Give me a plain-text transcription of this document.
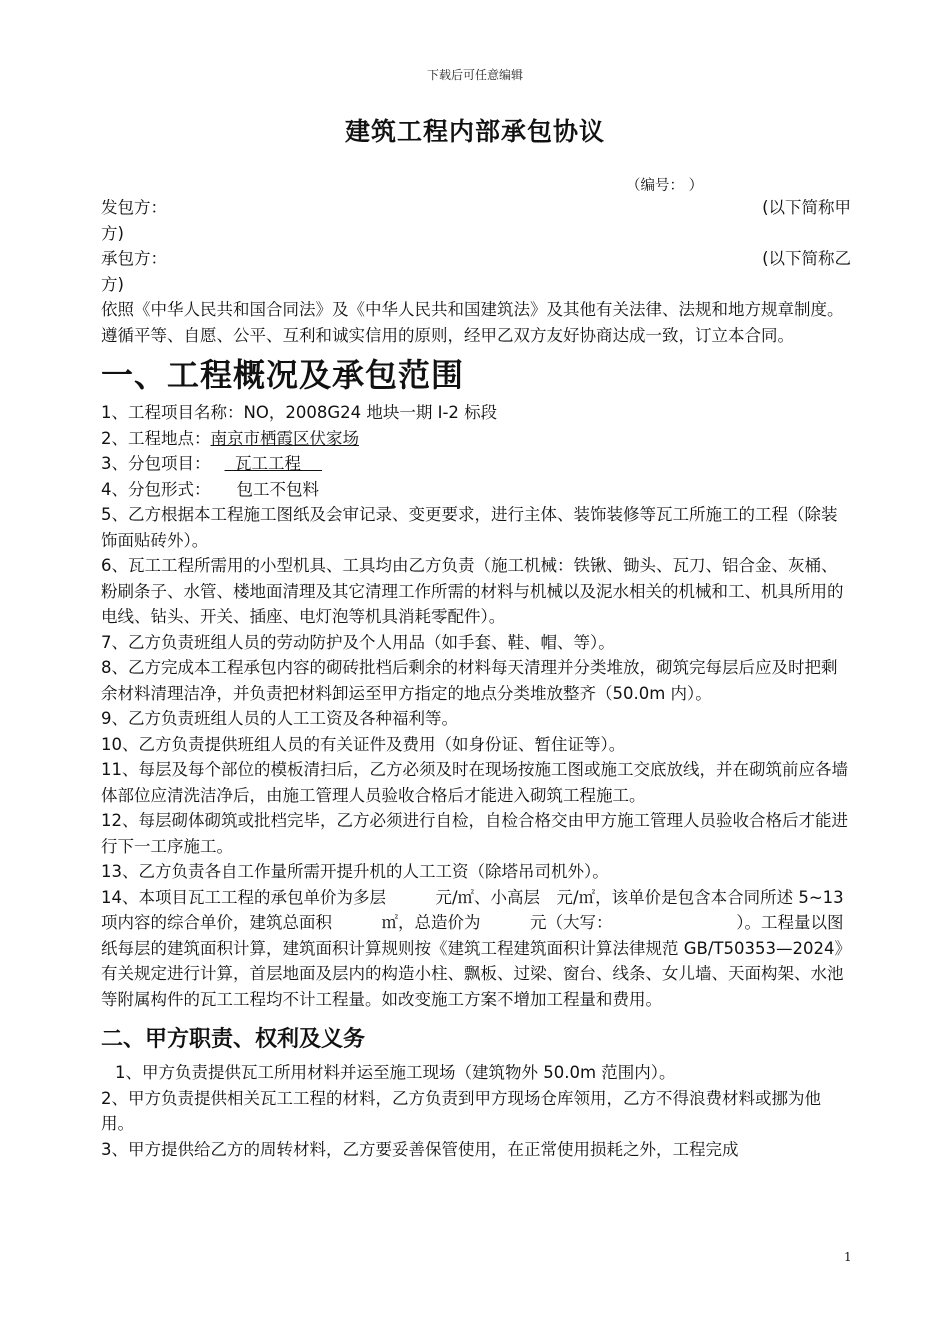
下载后可任意编辑
建筑工程内部承包协议
（编号： ）
发包方：	(以下简称甲

方)

承包方：	(以下简称乙

方)

依照《中华人民共和国合同法》及《中华人民共和国建筑法》及其他有关法律、法规和地方规章制度。遵循平等、自愿、公平、互利和诚实信用的原则，经甲乙双方友好协商达成一致，订立本合同。

一、工程概况及承包范围

1、工程项目名称：NO，2008G24 地块一期 I-2 标段

2、工程地点：南京市栖霞区伏家场

3、分包项目：  瓦工工程

4、分包形式： 包工不包料

5、乙方根据本工程施工图纸及会审记录、变更要求，进行主体、装饰装修等瓦工所施工的工程（除装饰面贴砖外）。

6、瓦工工程所需用的小型机具、工具均由乙方负责（施工机械：铁锹、锄头、瓦刀、铝合金、灰桶、粉刷条子、水管、楼地面清理及其它清理工作所需的材料与机械以及泥水相关的机械和工、机具所用的电线、钻头、开关、插座、电灯泡等机具消耗零配件）。

7、乙方负责班组人员的劳动防护及个人用品（如手套、鞋、帽、等）。

8、乙方完成本工程承包内容的砌砖批档后剩余的材料每天清理并分类堆放，砌筑完每层后应及时把剩余材料清理洁净，并负责把材料卸运至甲方指定的地点分类堆放整齐（50.0m 内）。

9、乙方负责班组人员的人工工资及各种福利等。

10、乙方负责提供班组人员的有关证件及费用（如身份证、暂住证等）。

11、每层及每个部位的模板清扫后，乙方必须及时在现场按施工图或施工交底放线，并在砌筑前应各墙体部位应清洗洁净后，由施工管理人员验收合格后才能进入砌筑工程施工。

12、每层砌体砌筑或批档完毕，乙方必须进行自检，自检合格交由甲方施工管理人员验收合格后才能进行下一工序施工。

13、乙方负责各自工作量所需开提升机的人工工资（除塔吊司机外）。

14、本项目瓦工工程的承包单价为多层　　　元/㎡、小高层　元/㎡，该单价是包含本合同所述 5~13 项内容的综合单价，建筑总面积　　　㎡，总造价为　　　元（大写：　　　　　　　　）。工程量以图纸每层的建筑面积计算，建筑面积计算规则按《建筑工程建筑面积计算法律规范 GB/T50353—2024》有关规定进行计算，首层地面及层内的构造小柱、飘板、过梁、窗台、线条、女儿墙、天面构架、水池等附属构件的瓦工工程均不计工程量。如改变施工方案不增加工程量和费用。

二、甲方职责、权利及义务

1、甲方负责提供瓦工所用材料并运至施工现场（建筑物外 50.0m 范围内）。

2、甲方负责提供相关瓦工工程的材料，乙方负责到甲方现场仓库领用，乙方不得浪费材料或挪为他用。

3、甲方提供给乙方的周转材料，乙方要妥善保管使用，在正常使用损耗之外，工程完成

1
